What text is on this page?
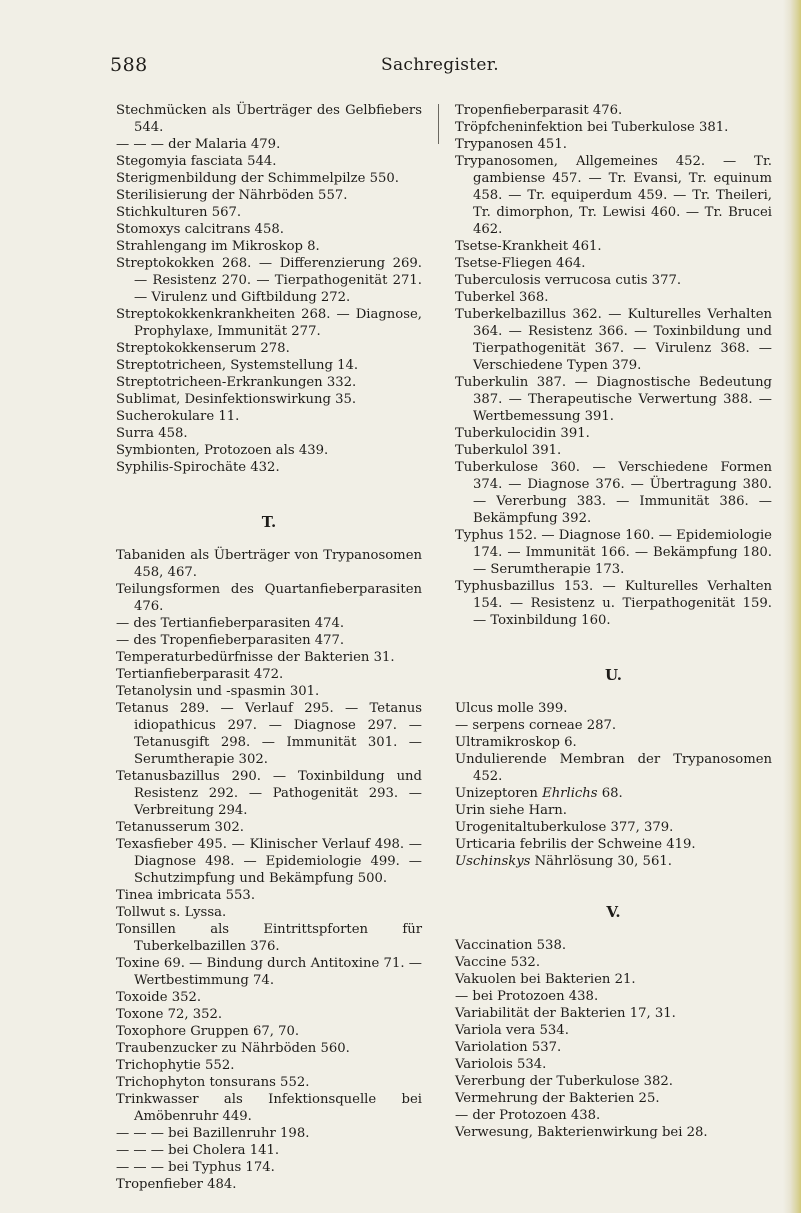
588	Sachregister.

Stechmücken als Überträger des Gelbfiebers 544.

— — — der Malaria 479.

Stegomyia fasciata 544.

Sterigmenbildung der Schimmelpilze 550.

Sterilisierung der Nährböden 557.

Stichkulturen 567.

Stomoxys calcitrans 458.

Strahlengang im Mikroskop 8.

Streptokokken 268. — Differenzierung 269. — Resistenz 270. — Tierpathogenität 271. — Virulenz und Giftbildung 272.

Streptokokkenkrankheiten 268. — Diagnose, Prophylaxe, Immunität 277.

Streptokokkenserum 278.

Streptotricheen, Systemstellung 14.

Streptotricheen-Erkrankungen 332.

Sublimat, Desinfektionswirkung 35.

Sucherokulare 11.

Surra 458.

Symbionten, Protozoen als 439.

Syphilis-Spirochäte 432.

T.

Tabaniden als Überträger von Trypanosomen 458, 467.

Teilungsformen des Quartanfieberparasiten 476.

— des Tertianfieberparasiten 474.

— des Tropenfieberparasiten 477.

Temperaturbedürfnisse der Bakterien 31.

Tertianfieberparasit 472.

Tetanolysin und -spasmin 301.

Tetanus 289. — Verlauf 295. — Tetanus idiopathicus 297. — Diagnose 297. — Tetanusgift 298. — Immunität 301. — Serumtherapie 302.

Tetanusbazillus 290. — Toxinbildung und Resistenz 292. — Pathogenität 293. — Verbreitung 294.

Tetanusserum 302.

Texasfieber 495. — Klinischer Verlauf 498. — Diagnose 498. — Epidemiologie 499. — Schutzimpfung und Bekämpfung 500.

Tinea imbricata 553.

Tollwut s. Lyssa.

Tonsillen als Eintrittspforten für Tuberkelbazillen 376.

Toxine 69. — Bindung durch Antitoxine 71. — Wertbestimmung 74.

Toxoide 352.

Toxone 72, 352.

Toxophore Gruppen 67, 70.

Traubenzucker zu Nährböden 560.

Trichophytie 552.

Trichophyton tonsurans 552.

Trinkwasser als Infektionsquelle bei Amöbenruhr 449.

— — — bei Bazillenruhr 198.

— — — bei Cholera 141.

— — — bei Typhus 174.

Tropenfieber 484.

Tropenfieberparasit 476.

Tröpfcheninfektion bei Tuberkulose 381.

Trypanosen 451.

Trypanosomen, Allgemeines 452. — Tr. gambiense 457. — Tr. Evansi, Tr. equinum 458. — Tr. equiperdum 459. — Tr. Theileri, Tr. dimorphon, Tr. Lewisi 460. — Tr. Brucei 462.

Tsetse-Krankheit 461.

Tsetse-Fliegen 464.

Tuberculosis verrucosa cutis 377.

Tuberkel 368.

Tuberkelbazillus 362. — Kulturelles Verhalten 364. — Resistenz 366. — Toxinbildung und Tierpathogenität 367. — Virulenz 368. — Verschiedene Typen 379.

Tuberkulin 387. — Diagnostische Bedeutung 387. — Therapeutische Verwertung 388. — Wertbemessung 391.

Tuberkulocidin 391.

Tuberkulol 391.

Tuberkulose 360. — Verschiedene Formen 374. — Diagnose 376. — Übertragung 380. — Vererbung 383. — Immunität 386. — Bekämpfung 392.

Typhus 152. — Diagnose 160. — Epidemiologie 174. — Immunität 166. — Bekämpfung 180. — Serumtherapie 173.

Typhusbazillus 153. — Kulturelles Verhalten 154. — Resistenz u. Tierpathogenität 159. — Toxinbildung 160.

U.

Ulcus molle 399.

— serpens corneae 287.

Ultramikroskop 6.

Undulierende Membran der Trypanosomen 452.

Unizeptoren Ehrlichs 68.

Urin siehe Harn.

Urogenitaltuberkulose 377, 379.

Urticaria febrilis der Schweine 419.

Uschinskys Nährlösung 30, 561.

V.

Vaccination 538.

Vaccine 532.

Vakuolen bei Bakterien 21.

— bei Protozoen 438.

Variabilität der Bakterien 17, 31.

Variola vera 534.

Variolation 537.

Variolois 534.

Vererbung der Tuberkulose 382.

Vermehrung der Bakterien 25.

— der Protozoen 438.

Verwesung, Bakterienwirkung bei 28.
